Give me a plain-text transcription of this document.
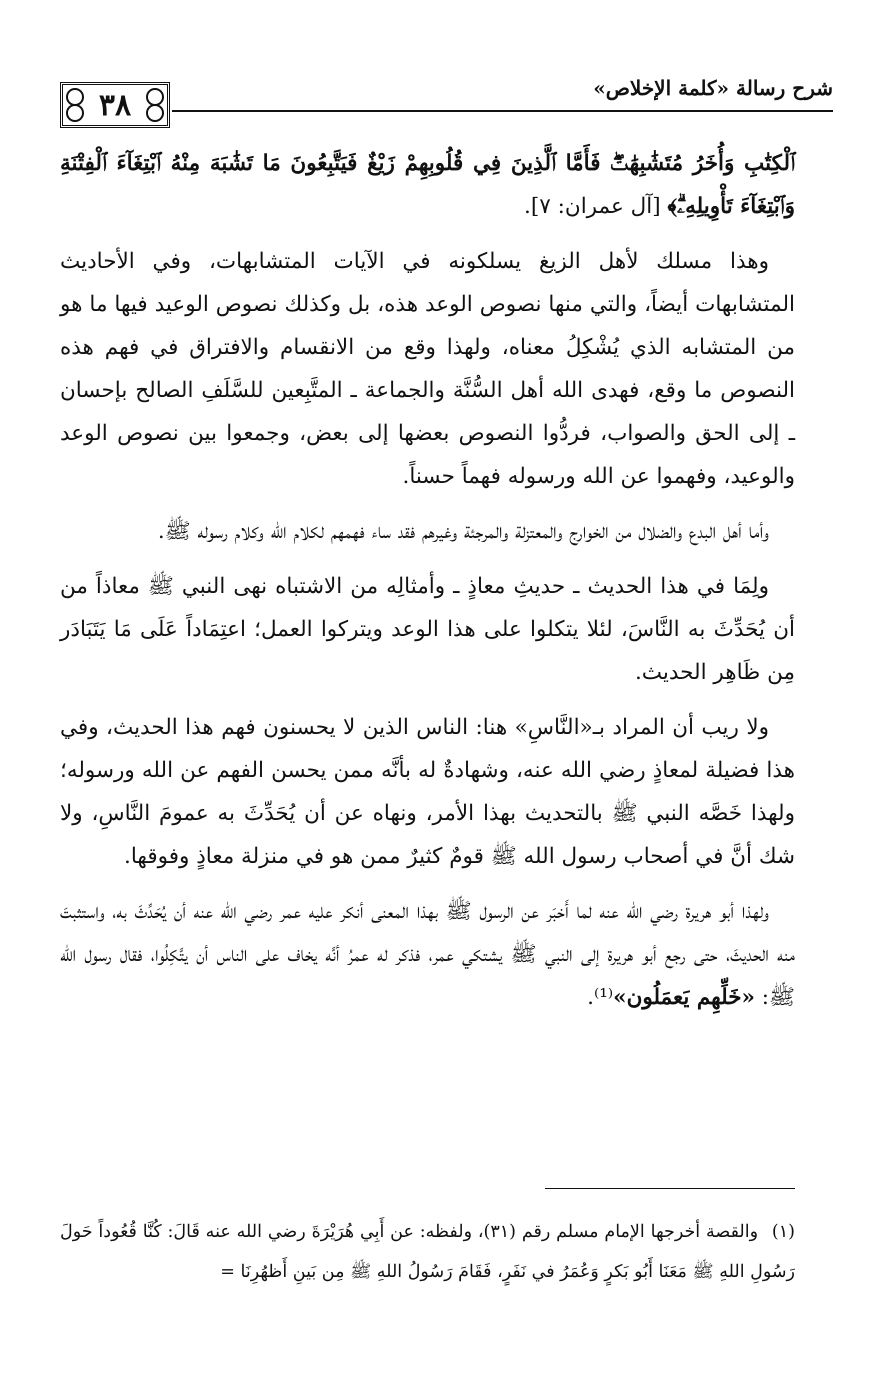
شرح رسالة «كلمة الإخلاص»
٣٨

ٱلْكِتَٰبِ وَأُخَرُ مُتَشَٰبِهَٰتٌۖ فَأَمَّا ٱلَّذِينَ فِي قُلُوبِهِمْ زَيْغٌ فَيَتَّبِعُونَ مَا تَشَٰبَهَ مِنْهُ ٱبْتِغَآءَ ٱلْفِتْنَةِ وَٱبْتِغَآءَ تَأْوِيلِهِۦۗ﴾ [آل عمران: ٧].

وهذا مسلك لأهل الزيغ يسلكونه في الآيات المتشابهات، وفي الأحاديث المتشابهات أيضاً، والتي منها نصوص الوعد هذه، بل وكذلك نصوص الوعيد فيها ما هو من المتشابه الذي يُشْكِلُ معناه، ولهذا وقع من الانقسام والافتراق في فهم هذه النصوص ما وقع، فهدى الله أهل السُّنَّة والجماعة ـ المتَّبِعين للسَّلَفِ الصالح بإحسان ـ إلى الحق والصواب، فردُّوا النصوص بعضها إلى بعض، وجمعوا بين نصوص الوعد والوعيد، وفهموا عن الله ورسوله فهماً حسناً.

وأما أهل البدع والضلال من الخوارج والمعتزلة والمرجئة وغيرهم فقد ساء فهمهم لكلام الله وكلام رسوله ﷺ.

ولِمَا في هذا الحديث ـ حديثِ معاذٍ ـ وأمثالِه من الاشتباه نهى النبي ﷺ معاذاً من أن يُحَدِّثَ به النَّاسَ، لئلا يتكلوا على هذا الوعد ويتركوا العمل؛ اعتِمَاداً عَلَى مَا يَتَبَادَر مِن ظَاهِر الحديث.

ولا ريب أن المراد بـ«النَّاسِ» هنا: الناس الذين لا يحسنون فهم هذا الحديث، وفي هذا فضيلة لمعاذٍ رضي الله عنه، وشهادةٌ له بأنَّه ممن يحسن الفهم عن الله ورسوله؛ ولهذا خَصَّه النبي ﷺ بالتحديث بهذا الأمر، ونهاه عن أن يُحَدِّثَ به عمومَ النَّاسِ، ولا شك أنَّ في أصحاب رسول الله ﷺ قومٌ كثيرٌ ممن هو في منزلة معاذٍ وفوقها.

ولهذا أبو هريرة رضي الله عنه لما أَخبَر عن الرسول ﷺ بهذا المعنى أنكر عليه عمر رضي الله عنه أن يُحَدِّثَ به، واستثبتَ منه الحديثَ، حتى رجع أبو هريرة إلى النبي ﷺ يشتكي عمر، فذكر له عمرُ أنَّه يخاف على الناس أن يتَّكِلُوا، فقال رسول الله ﷺ: «خَلِّهِم يَعمَلُون»⁽¹⁾.

(١) والقصة أخرجها الإمام مسلم رقم (٣١)، ولفظه: عن أَبِي هُرَيْرَةَ رضي الله عنه قَالَ: كُنَّا قُعُوداً حَولَ رَسُولِ اللهِ ﷺ مَعَنَا أَبُو بَكرٍ وَعُمَرُ في نَفَرٍ، فَقَامَ رَسُولُ اللهِ ﷺ مِن بَينِ أَظهُرِنَا =
